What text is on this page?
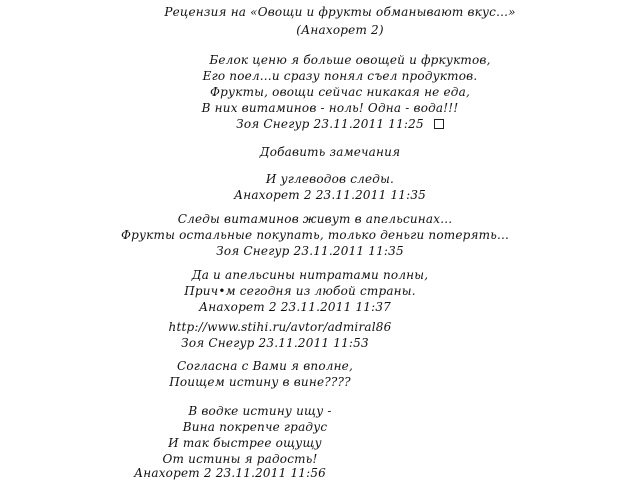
Рецензия на «Овощи и фрукты обманывают вкус...»
(Анахорет 2)
Белок ценю я больше овощей и фркуктов,
Его поел...и сразу понял съел продуктов.
Фрукты, овощи сейчас никакая не еда,
В них витаминов - ноль! Одна - вода!!!
Зоя Снегур 23.11.2011 11:25
Добавить замечания
И углеводов следы.
Анахорет 2 23.11.2011 11:35
Следы витаминов живут в апельсинах...
Фрукты остальные покупать, только деньги потерять...
Зоя Снегур 23.11.2011 11:35
Да и апельсины нитратами полны,
Прич•м сегодня из любой страны.
Анахорет 2 23.11.2011 11:37
http://www.stihi.ru/avtor/admiral86
Зоя Снегур 23.11.2011 11:53
Согласна с Вами я вполне,
Поищем истину в вине????
В водке истину ищу -
Вина покрепче градус
И так быстрее ощущу
От истины я радость!
Анахорет 2 23.11.2011 11:56
